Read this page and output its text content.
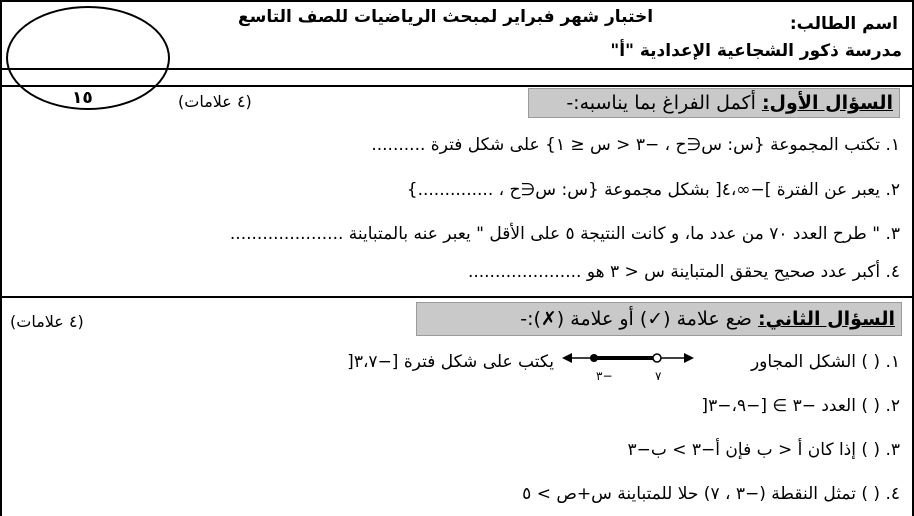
١٥
اسم الطالب:
اختبار شهر فبراير لمبحث الرياضيات للصف التاسع
مدرسة ذكور الشجاعية الإعدادية "أ"
السؤال الأول: أكمل الفراغ بما يناسبه:-
(٤ علامات)
١. تكتب المجموعة {س: س∈ح ، −٣ < س ≤ ١} على شكل فترة ..........
٢. يعبر عن الفترة ]−∞،٤[ بشكل مجموعة {س: س∈ح ، ..............}
٣. " طرح العدد ٧٠ من عدد ما، و كانت النتيجة ٥ على الأقل " يعبر عنه بالمتباينة .....................
٤. أكبر عدد صحيح يحقق المتباينة س < ٣ هو .....................
السؤال الثاني: ضع علامة (✓) أو علامة (✗):-
(٤ علامات)
١. ( ) الشكل المجاور
−٣	٧
يكتب على شكل فترة [−٣،٧[
٢. ( ) العدد −٣ ∋ [−٩،−٣[
٣. ( ) إذا كان أ < ب فإن أ−٣ > ب−٣
٤. ( ) تمثل النقطة (−٣ ، ٧) حلا للمتباينة س+ص > ٥
